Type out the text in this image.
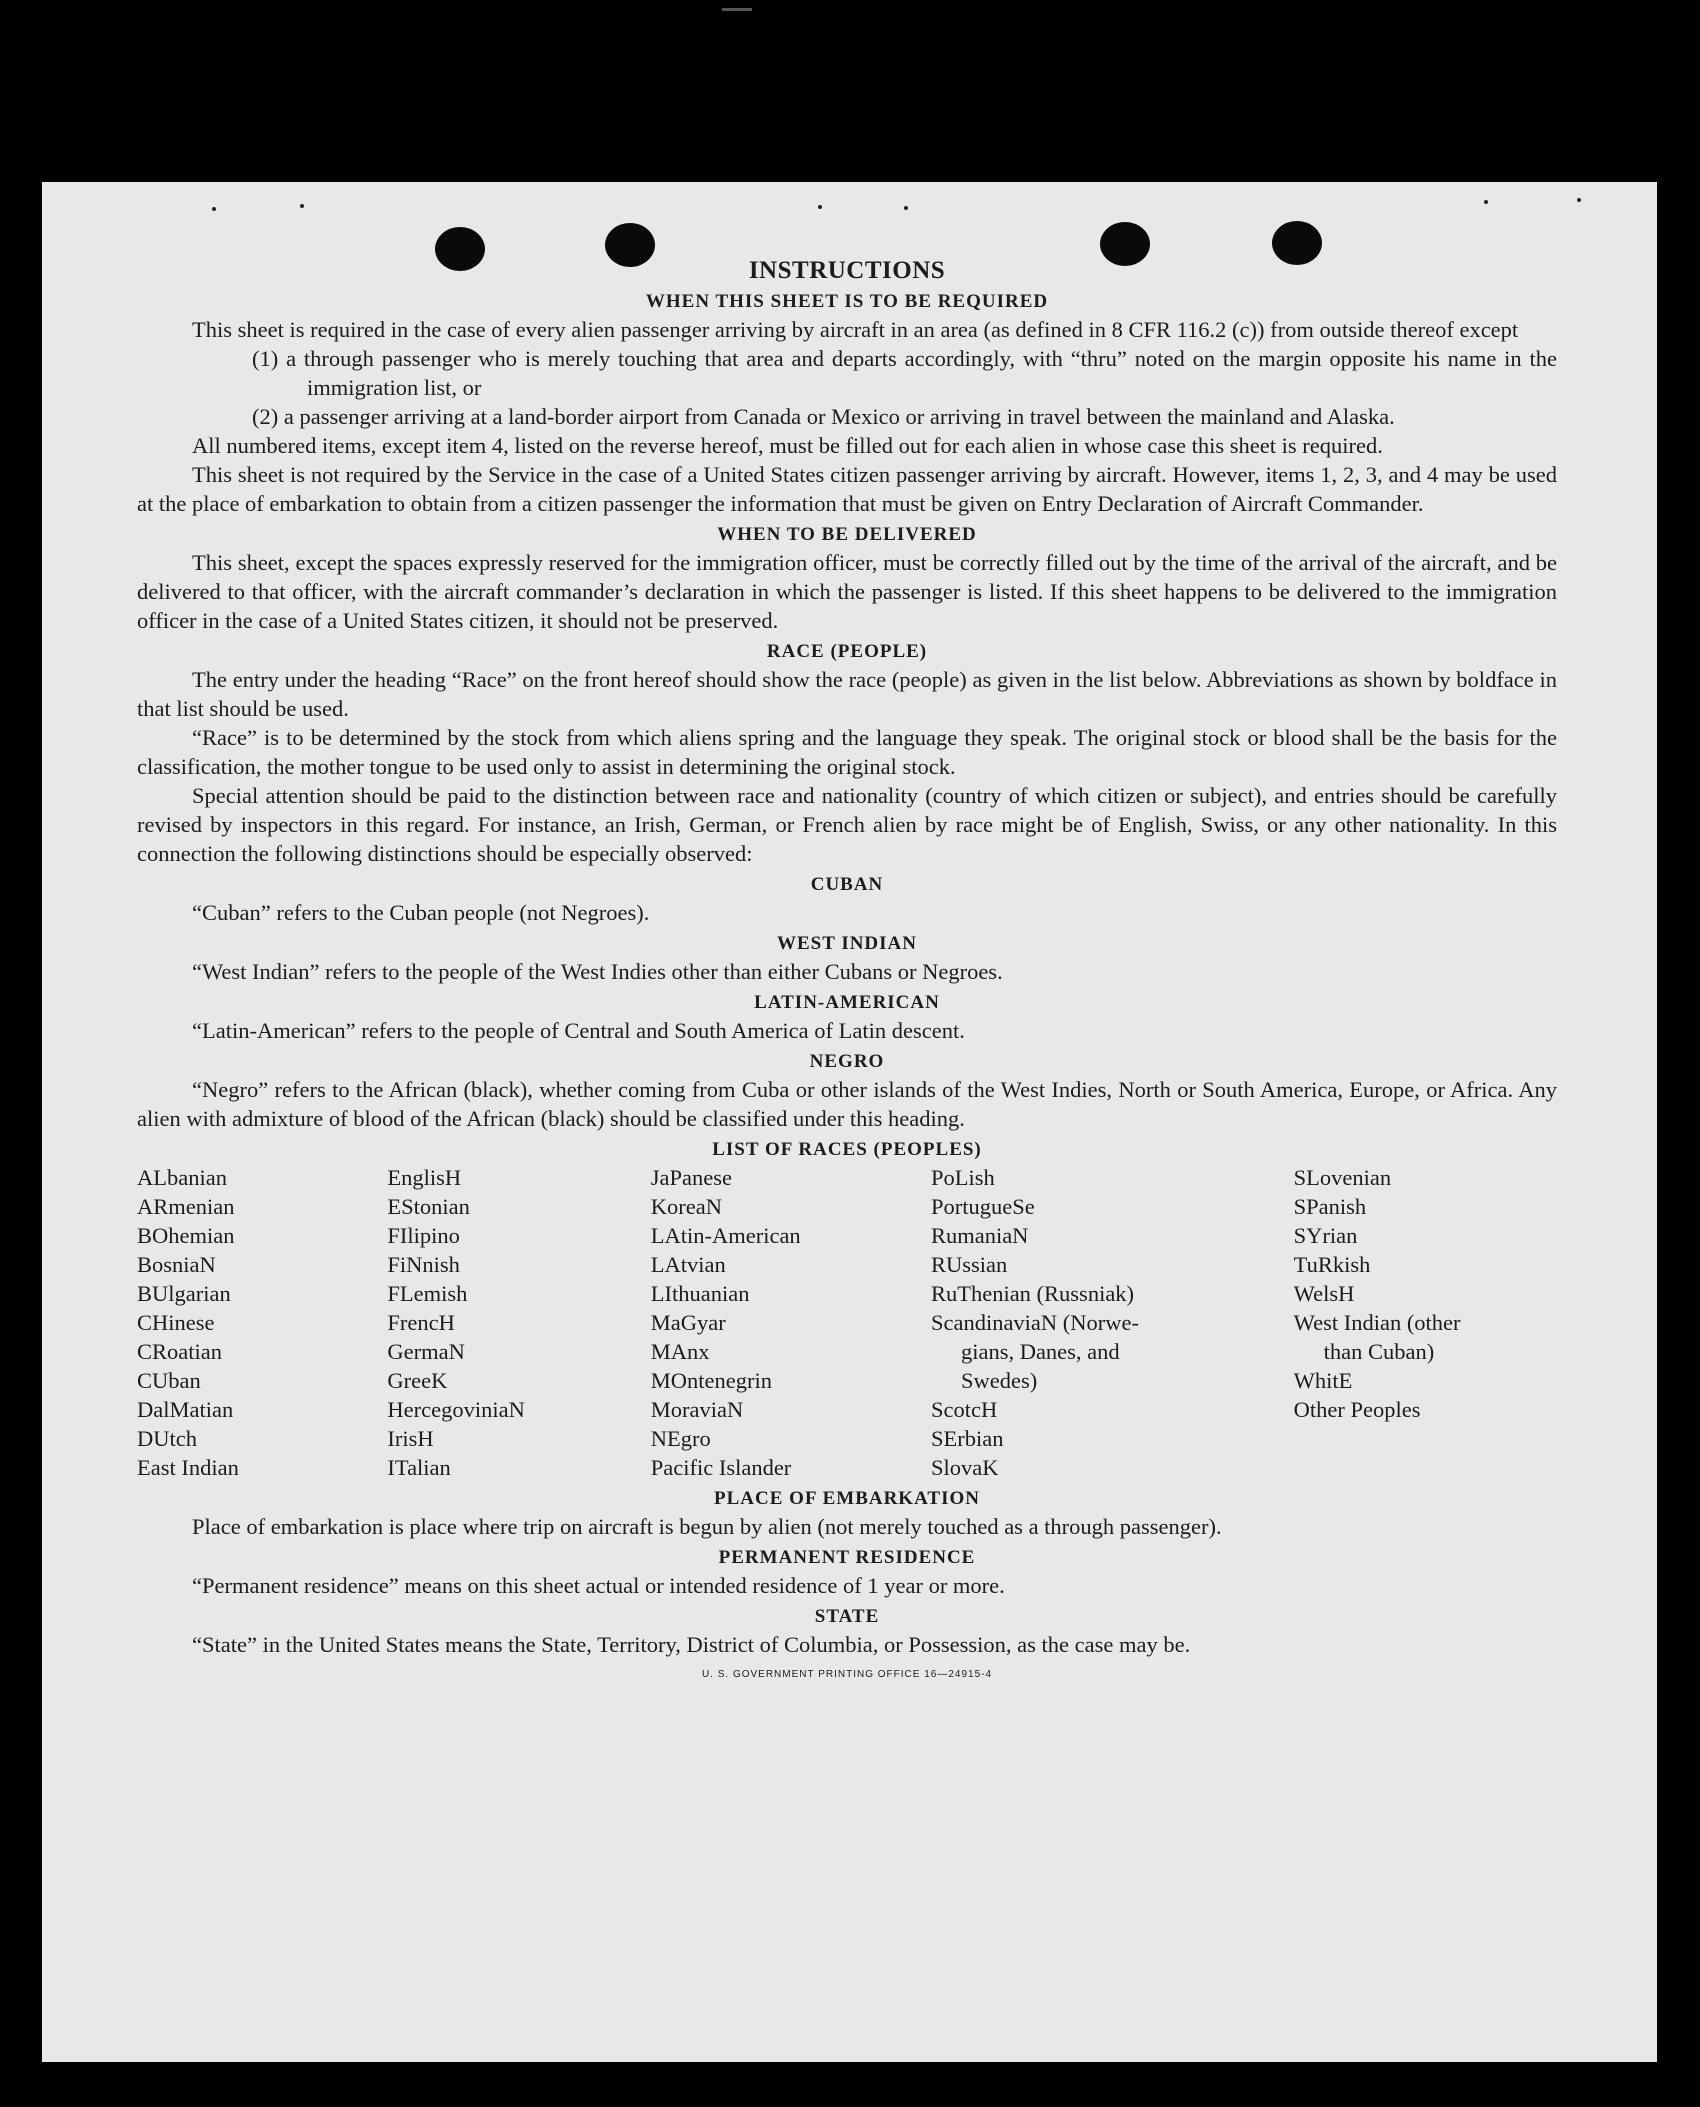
INSTRUCTIONS
WHEN THIS SHEET IS TO BE REQUIRED

This sheet is required in the case of every alien passenger arriving by aircraft in an area (as defined in 8 CFR 116.2 (c)) from outside thereof except

(1) a through passenger who is merely touching that area and departs accordingly, with “thru” noted on the margin opposite his name in the immigration list, or

(2) a passenger arriving at a land-border airport from Canada or Mexico or arriving in travel between the mainland and Alaska.

All numbered items, except item 4, listed on the reverse hereof, must be filled out for each alien in whose case this sheet is required.

This sheet is not required by the Service in the case of a United States citizen passenger arriving by aircraft. However, items 1, 2, 3, and 4 may be used at the place of embarkation to obtain from a citizen passenger the information that must be given on Entry Declaration of Aircraft Commander.

WHEN TO BE DELIVERED

This sheet, except the spaces expressly reserved for the immigration officer, must be correctly filled out by the time of the arrival of the aircraft, and be delivered to that officer, with the aircraft commander’s declaration in which the passenger is listed. If this sheet happens to be delivered to the immigration officer in the case of a United States citizen, it should not be preserved.

RACE (PEOPLE)

The entry under the heading “Race” on the front hereof should show the race (people) as given in the list below. Abbreviations as shown by boldface in that list should be used.

“Race” is to be determined by the stock from which aliens spring and the language they speak. The original stock or blood shall be the basis for the classification, the mother tongue to be used only to assist in determining the original stock.

Special attention should be paid to the distinction between race and nationality (country of which citizen or subject), and entries should be carefully revised by inspectors in this regard. For instance, an Irish, German, or French alien by race might be of English, Swiss, or any other nationality. In this connection the following distinctions should be especially observed:

CUBAN

“Cuban” refers to the Cuban people (not Negroes).

WEST INDIAN

“West Indian” refers to the people of the West Indies other than either Cubans or Negroes.

LATIN-AMERICAN

“Latin-American” refers to the people of Central and South America of Latin descent.

NEGRO

“Negro” refers to the African (black), whether coming from Cuba or other islands of the West Indies, North or South America, Europe, or Africa. Any alien with admixture of blood of the African (black) should be classified under this heading.

LIST OF RACES (PEOPLES)
ALbanian
ARmenian
BOhemian
BosniaN
BUlgarian
CHinese
CRoatian
CUban
DalMatian
DUtch
East Indian
EnglisH
EStonian
FIlipino
FiNnish
FLemish
FrencH
GermaN
GreeK
HercegoviniaN
IrisH
ITalian
JaPanese
KoreaN
LAtin-American
LAtvian
LIthuanian
MaGyar
MAnx
MOntenegrin
MoraviaN
NEgro
Pacific Islander
PoLish
PortugueSe
RumaniaN
RUssian
RuThenian (Russniak)
ScandinaviaN (Norwe-
gians, Danes, and
Swedes)
ScotcH
SErbian
SlovaK
SLovenian
SPanish
SYrian
TuRkish
WelsH
West Indian (other
than Cuban)
WhitE
Other Peoples
PLACE OF EMBARKATION

Place of embarkation is place where trip on aircraft is begun by alien (not merely touched as a through passenger).

PERMANENT RESIDENCE

“Permanent residence” means on this sheet actual or intended residence of 1 year or more.

STATE

“State” in the United States means the State, Territory, District of Columbia, or Possession, as the case may be.

U. S. GOVERNMENT PRINTING OFFICE 16—24915-4
